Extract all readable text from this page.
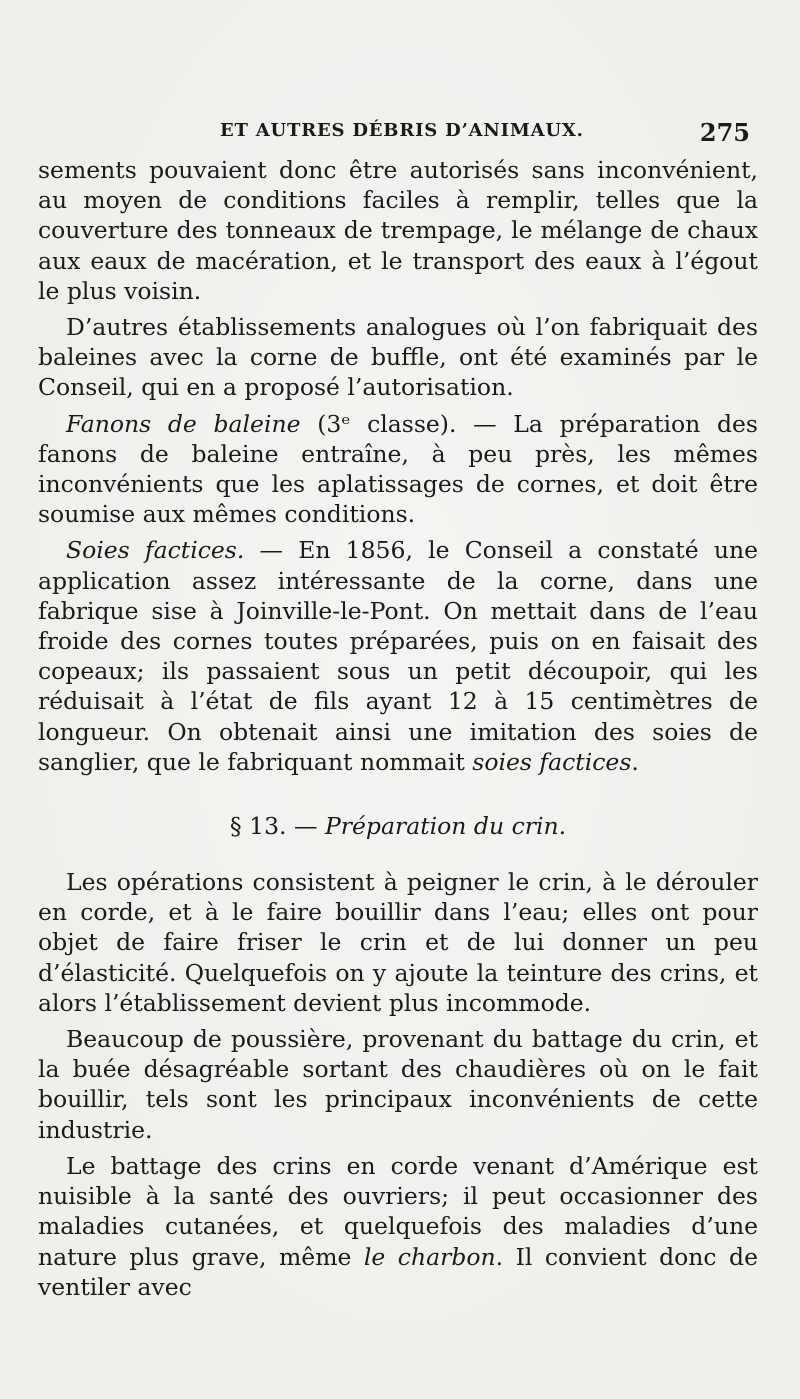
ET AUTRES DÉBRIS D’ANIMAUX.	275

sements pouvaient donc être autorisés sans inconvénient, au moyen de conditions faciles à remplir, telles que la couverture des tonneaux de trempage, le mélange de chaux aux eaux de macération, et le transport des eaux à l’égout le plus voisin.

D’autres établissements analogues où l’on fabriquait des baleines avec la corne de buffle, ont été examinés par le Conseil, qui en a proposé l’autorisation.

Fanons de baleine (3ᵉ classe). — La préparation des fanons de baleine entraîne, à peu près, les mêmes inconvénients que les aplatissages de cornes, et doit être soumise aux mêmes conditions.

Soies factices. — En 1856, le Conseil a constaté une application assez intéressante de la corne, dans une fabrique sise à Joinville-le-Pont. On mettait dans de l’eau froide des cornes toutes préparées, puis on en faisait des copeaux; ils passaient sous un petit découpoir, qui les réduisait à l’état de fils ayant 12 à 15 centimètres de longueur. On obtenait ainsi une imitation des soies de sanglier, que le fabriquant nommait soies factices.

§ 13. — Préparation du crin.

Les opérations consistent à peigner le crin, à le dérouler en corde, et à le faire bouillir dans l’eau; elles ont pour objet de faire friser le crin et de lui donner un peu d’élasticité. Quelquefois on y ajoute la teinture des crins, et alors l’établissement devient plus incommode.

Beaucoup de poussière, provenant du battage du crin, et la buée désagréable sortant des chaudières où on le fait bouillir, tels sont les principaux inconvénients de cette industrie.

Le battage des crins en corde venant d’Amérique est nuisible à la santé des ouvriers; il peut occasionner des maladies cutanées, et quelquefois des maladies d’une nature plus grave, même le charbon. Il convient donc de ventiler avec
